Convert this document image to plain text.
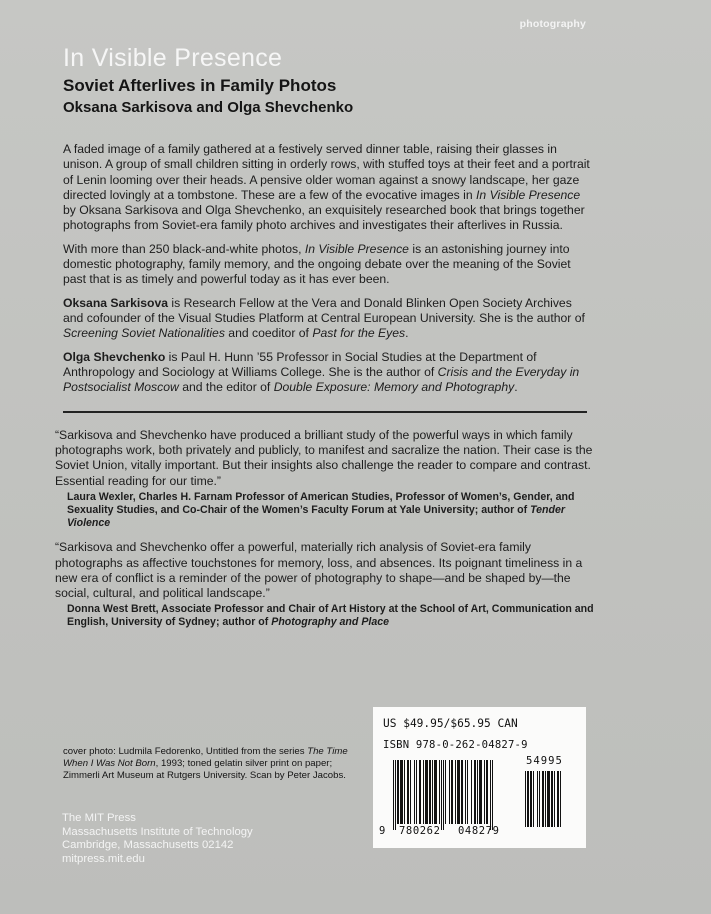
photography
In Visible Presence
Soviet Afterlives in Family Photos
Oksana Sarkisova and Olga Shevchenko

A faded image of a family gathered at a festively served dinner table, raising their glasses in unison. A group of small children sitting in orderly rows, with stuffed toys at their feet and a portrait of Lenin looming over their heads. A pensive older woman against a snowy landscape, her gaze directed lovingly at a tombstone. These are a few of the evocative images in In Visible Presence by Oksana Sarkisova and Olga Shevchenko, an exquisitely researched book that brings together photographs from Soviet-era family photo archives and investigates their afterlives in Russia.

With more than 250 black-and-white photos, In Visible Presence is an astonishing journey into domestic photography, family memory, and the ongoing debate over the meaning of the Soviet past that is as timely and powerful today as it has ever been.

Oksana Sarkisova is Research Fellow at the Vera and Donald Blinken Open Society Archives and cofounder of the Visual Studies Platform at Central European University. She is the author of Screening Soviet Nationalities and coeditor of Past for the Eyes.

Olga Shevchenko is Paul H. Hunn ’55 Professor in Social Studies at the Department of Anthropology and Sociology at Williams College. She is the author of Crisis and the Everyday in Postsocialist Moscow and the editor of Double Exposure: Memory and Photography.

“Sarkisova and Shevchenko have produced a brilliant study of the powerful ways in which family photographs work, both privately and publicly, to manifest and sacralize the nation. Their case is the Soviet Union, vitally important. But their insights also challenge the reader to compare and contrast. Essential reading for our time.”
Laura Wexler, Charles H. Farnam Professor of American Studies, Professor of Women’s, Gender, and Sexuality Studies, and Co-Chair of the Women’s Faculty Forum at Yale University; author of Tender Violence
“Sarkisova and Shevchenko offer a powerful, materially rich analysis of Soviet-era family photographs as affective touchstones for memory, loss, and absences. Its poignant timeliness in a new era of conflict is a reminder of the power of photography to shape—and be shaped by—the social, cultural, and political landscape.”
Donna West Brett, Associate Professor and Chair of Art History at the School of Art, Communication and English, University of Sydney; author of Photography and Place
cover photo: Ludmila Fedorenko, Untitled from the series The Time When I Was Not Born, 1993; toned gelatin silver print on paper; Zimmerli Art Museum at Rutgers University. Scan by Peter Jacobs.
The MIT Press
Massachusetts Institute of Technology
Cambridge, Massachusetts 02142
mitpress.mit.edu
US $49.95/$65.95 CAN
ISBN 978-0-262-04827-9
54995
9 780262 048279
